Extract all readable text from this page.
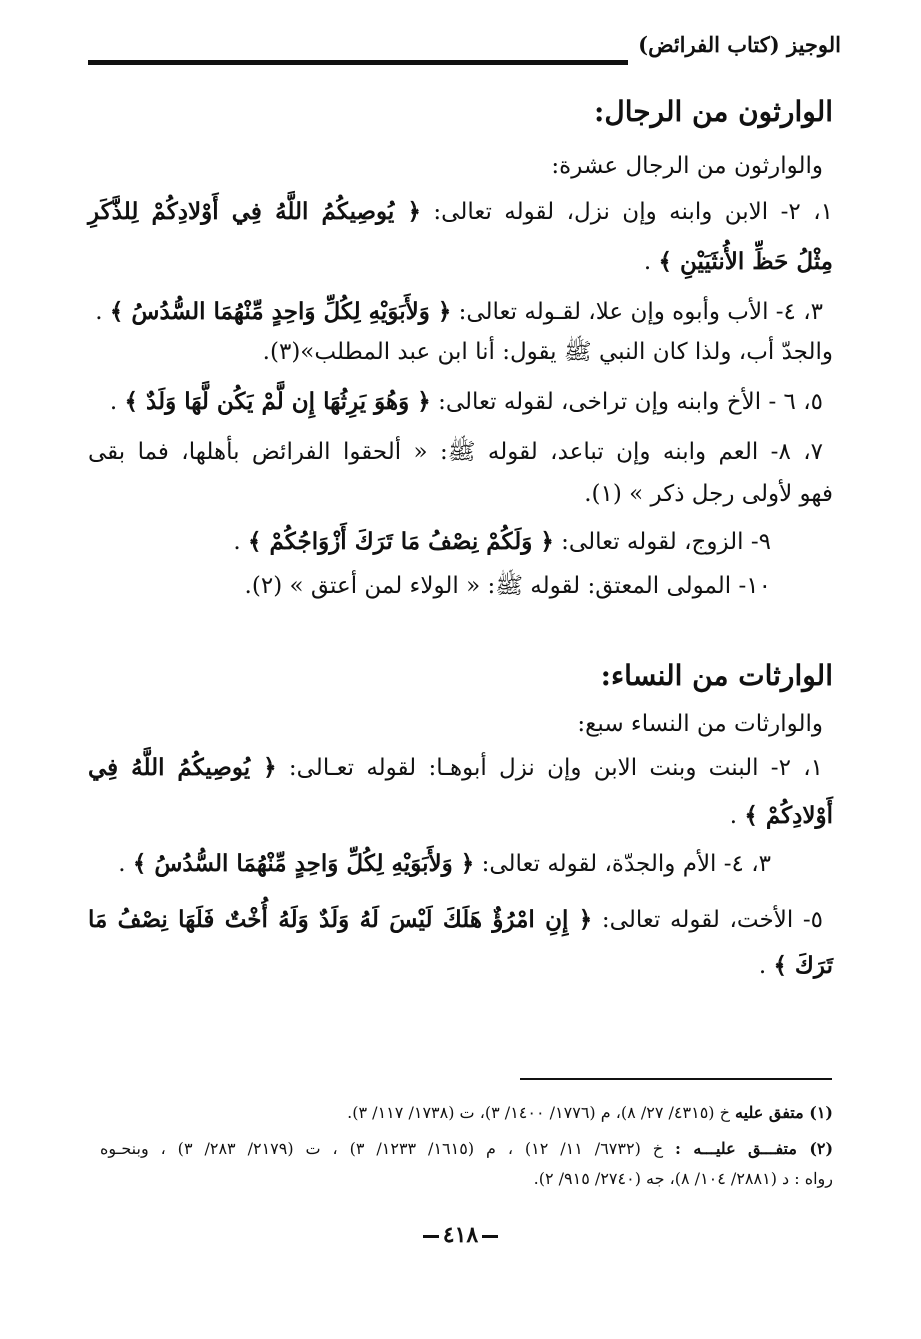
الوجيز (كتاب الفرائض)
الوارثون من الرجال:
والوارثون من الرجال عشرة:
١، ٢- الابن وابنه وإن نزل، لقوله تعالى: ﴿ يُوصِيكُمُ اللَّهُ فِي أَوْلادِكُمْ لِلذَّكَرِ
مِثْلُ حَظِّ الأُنثَيَيْنِ ﴾ .
٣، ٤- الأب وأبوه وإن علا، لقـوله تعالى: ﴿ وَلأَبَوَيْهِ لِكُلِّ وَاحِدٍ مِّنْهُمَا السُّدُسُ ﴾ .
والجدّ أب، ولذا كان النبي ﷺ يقول: أنا ابن عبد المطلب»(٣).
٥، ٦ - الأخ وابنه وإن تراخى، لقوله تعالى: ﴿ وَهُوَ يَرِثُهَا إِن لَّمْ يَكُن لَّهَا وَلَدٌ ﴾ .
٧، ٨- العم وابنه وإن تباعد، لقوله ﷺ: « ألحقوا الفرائض بأهلها، فما بقى
فهو لأولى رجل ذكر » (١).
٩- الزوج، لقوله تعالى: ﴿ وَلَكُمْ نِصْفُ مَا تَرَكَ أَزْوَاجُكُمْ ﴾ .
١٠- المولى المعتق: لقوله ﷺ: « الولاء لمن أعتق » (٢).
الوارثات من النساء:
والوارثات من النساء سبع:
١، ٢- البنت وبنت الابن وإن نزل أبوهـا: لقوله تعـالى: ﴿ يُوصِيكُمُ اللَّهُ فِي
أَوْلادِكُمْ ﴾ .
٣، ٤- الأم والجدّة، لقوله تعالى: ﴿ وَلأَبَوَيْهِ لِكُلِّ وَاحِدٍ مِّنْهُمَا السُّدُسُ ﴾ .
٥- الأخت، لقوله تعالى: ﴿ إِنِ امْرُؤٌ هَلَكَ لَيْسَ لَهُ وَلَدٌ وَلَهُ أُخْتٌ فَلَهَا نِصْفُ مَا
تَرَكَ ﴾ .
(١) متفق عليه خ (٤٣١٥/ ٢٧/ ٨)، م (١٧٧٦/ ١٤٠٠/ ٣)، ت (١٧٣٨/ ١١٧/ ٣).
(٢) متفـــق عليـــه : خ (٦٧٣٢/ ١١/ ١٢) ، م (١٦١٥/ ١٢٣٣/ ٣) ، ت (٢١٧٩/ ٢٨٣/ ٣) ، وبنحـوه
رواه : د (٢٨٨١/ ١٠٤/ ٨)، جه (٢٧٤٠/ ٩١٥/ ٢).
٤١٨
